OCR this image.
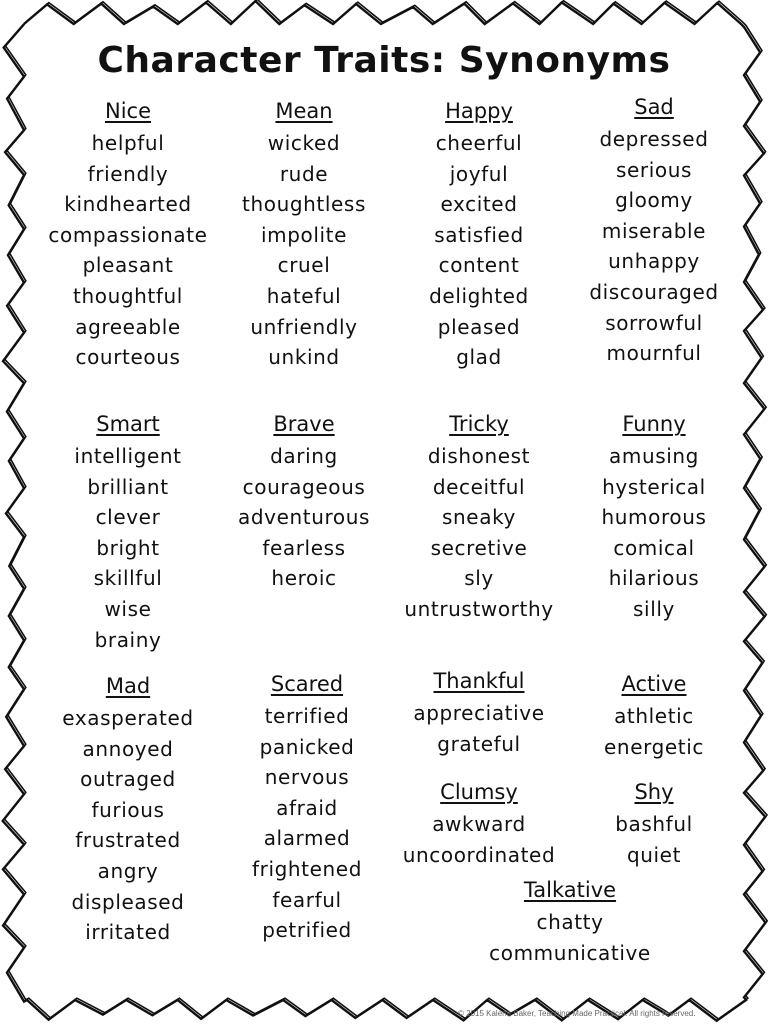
Character Traits: Synonyms
Nice
helpful
friendly
kindhearted
compassionate
pleasant
thoughtful
agreeable
courteous
Mean
wicked
rude
thoughtless
impolite
cruel
hateful
unfriendly
unkind
Happy
cheerful
joyful
excited
satisfied
content
delighted
pleased
glad
Sad
depressed
serious
gloomy
miserable
unhappy
discouraged
sorrowful
mournful
Smart
intelligent
brilliant
clever
bright
skillful
wise
brainy
Brave
daring
courageous
adventurous
fearless
heroic
Tricky
dishonest
deceitful
sneaky
secretive
sly
untrustworthy
Funny
amusing
hysterical
humorous
comical
hilarious
silly
Mad
exasperated
annoyed
outraged
furious
frustrated
angry
displeased
irritated
Scared
terrified
panicked
nervous
afraid
alarmed
frightened
fearful
petrified
Thankful
appreciative
grateful
Active
athletic
energetic
Clumsy
awkward
uncoordinated
Shy
bashful
quiet
Talkative
chatty
communicative
© 2015 Kalena Baker, Teaching Made Practical. All rights reserved.
